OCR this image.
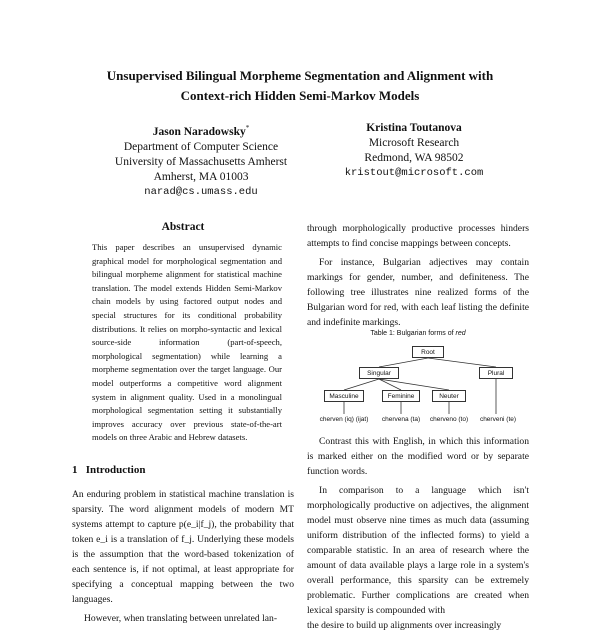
Unsupervised Bilingual Morpheme Segmentation and Alignment with
Context-rich Hidden Semi-Markov Models
Jason Naradowsky*
Department of Computer Science
University of Massachusetts Amherst
Amherst, MA 01003
narad@cs.umass.edu
Kristina Toutanova
Microsoft Research
Redmond, WA 98502
kristout@microsoft.com
Abstract
This paper describes an unsupervised dynamic graphical model for morphological segmentation and bilingual morpheme alignment for statistical machine translation. The model extends Hidden Semi-Markov chain models by using factored output nodes and special structures for its conditional probability distributions. It relies on morpho-syntactic and lexical source-side information (part-of-speech, morphological segmentation) while learning a morpheme segmentation over the target language. Our model outperforms a competitive word alignment system in alignment quality. Used in a monolingual morphological segmentation setting it substantially improves accuracy over previous state-of-the-art models on three Arabic and Hebrew datasets.
1   Introduction

An enduring problem in statistical machine translation is sparsity. The word alignment models of modern MT systems attempt to capture p(e_i|f_j), the probability that token e_i is a translation of f_j. Underlying these models is the assumption that the word-based tokenization of each sentence is, if not optimal, at least appropriate for specifying a conceptual mapping between the two languages.

However, when translating between unrelated lan-

through morphologically productive processes hinders attempts to find concise mappings between concepts.

For instance, Bulgarian adjectives may contain markings for gender, number, and definiteness. The following tree illustrates nine realized forms of the Bulgarian word for red, with each leaf listing the definite and indefinite markings.

Table 1: Bulgarian forms of red
Root
Singular	Plural
Masculine	Feminine	Neuter
cherven (iq) (ijat)	chervena (ta)	cherveno (to) cherveni (te)

Contrast this with English, in which this information is marked either on the modified word or by separate function words.

In comparison to a language which isn't morphologically productive on adjectives, the alignment model must observe nine times as much data (assuming uniform distribution of the inflected forms) to yield a comparable statistic. In an area of research where the amount of data available plays a large role in a system's overall performance, this sparsity can be extremely problematic. Further complications are created when lexical sparsity is compounded with

the desire to build up alignments over increasingly
